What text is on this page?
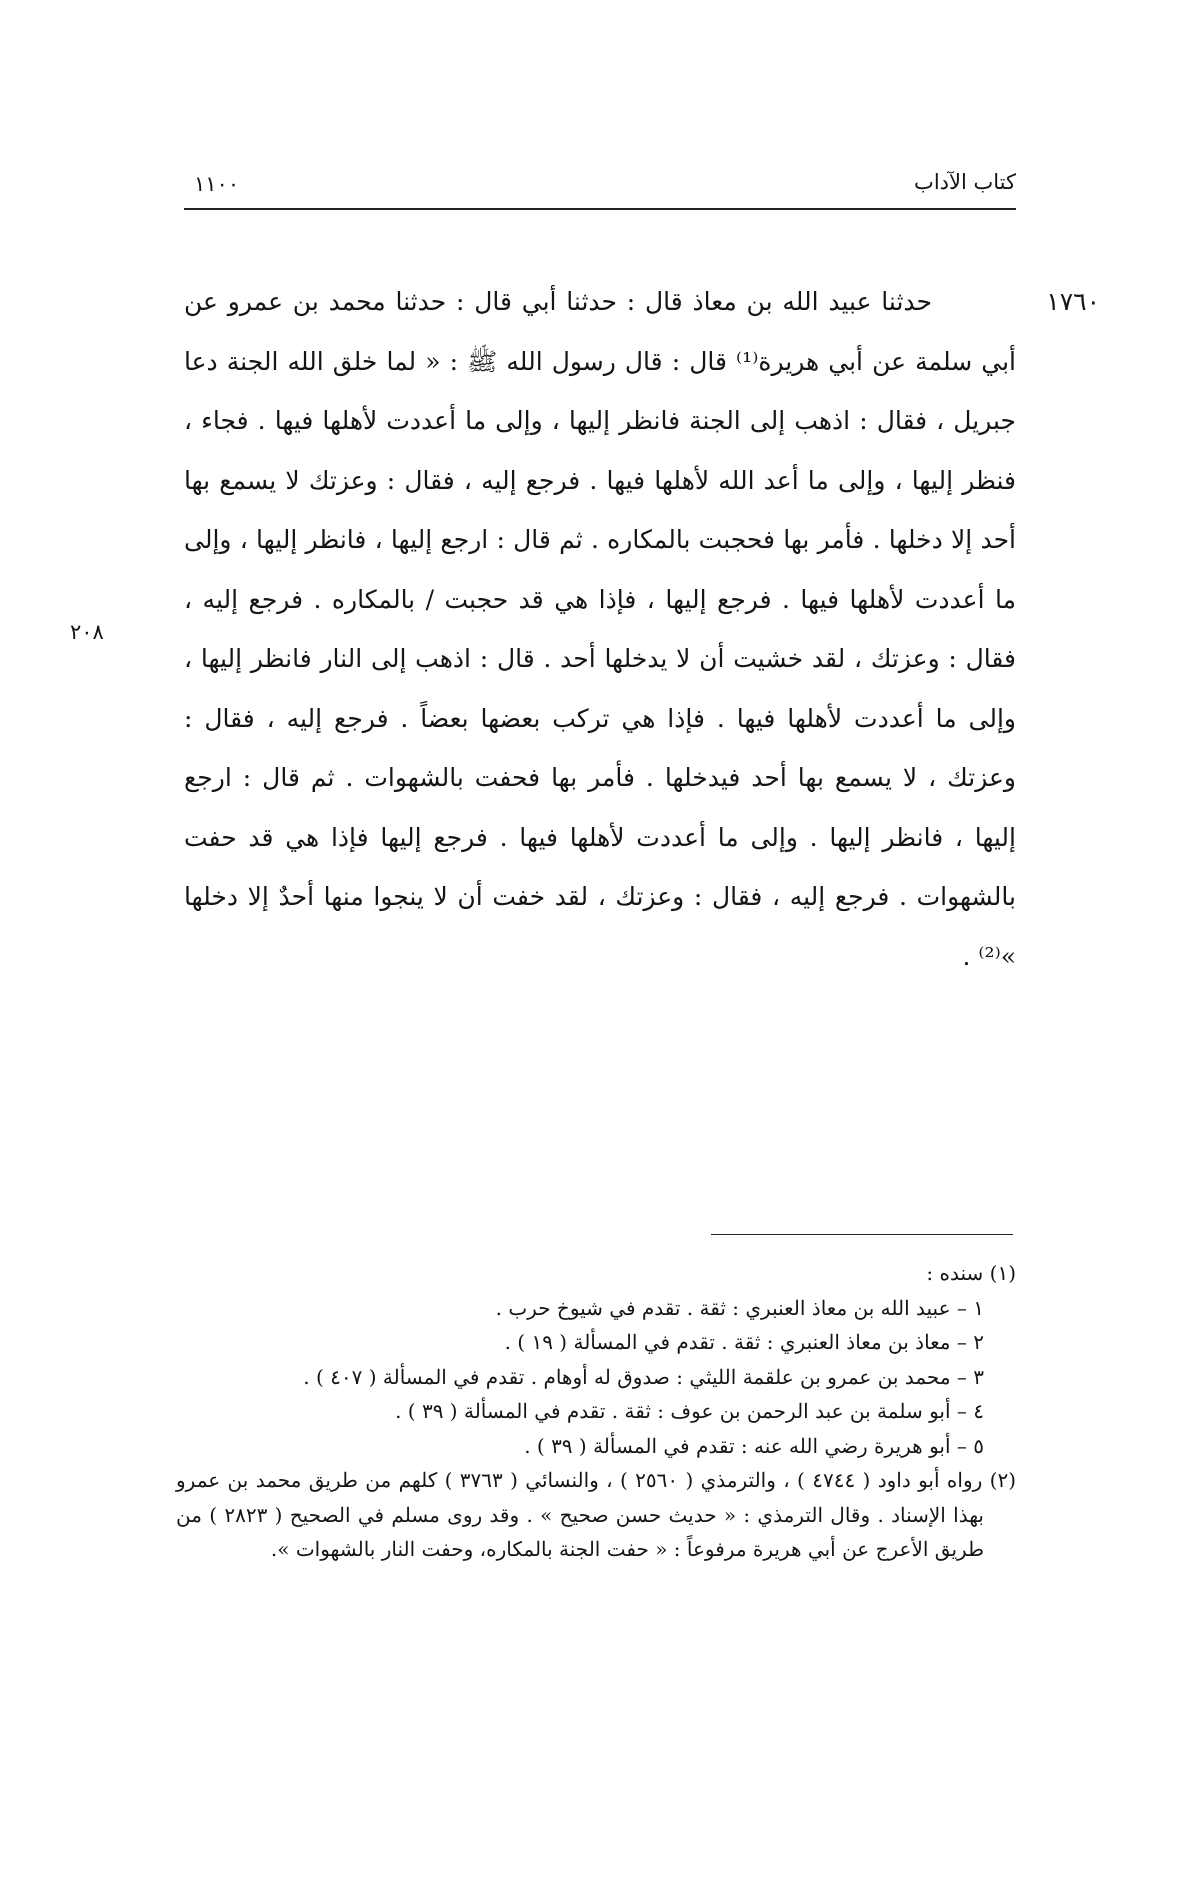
كتاب الآداب
١١٠٠
٢٠٨
١٧٦٠حدثنا عبيد الله بن معاذ قال : حدثنا أبي قال : حدثنا محمد بن عمرو عن أبي سلمة عن أبي هريرة⁽¹⁾ قال : قال رسول الله ﷺ : « لما خلق الله الجنة دعا جبريل ، فقال : اذهب إلى الجنة فانظر إليها ، وإلى ما أعددت لأهلها فيها . فجاء ، فنظر إليها ، وإلى ما أعد الله لأهلها فيها . فرجع إليه ، فقال : وعزتك لا يسمع بها أحد إلا دخلها . فأمر بها فحجبت بالمكاره . ثم قال : ارجع إليها ، فانظر إليها ، وإلى ما أعددت لأهلها فيها . فرجع إليها ، فإذا هي قد حجبت / بالمكاره . فرجع إليه ، فقال : وعزتك ، لقد خشيت أن لا يدخلها أحد . قال : اذهب إلى النار فانظر إليها ، وإلى ما أعددت لأهلها فيها . فإذا هي تركب بعضها بعضاً . فرجع إليه ، فقال : وعزتك ، لا يسمع بها أحد فيدخلها . فأمر بها فحفت بالشهوات . ثم قال : ارجع إليها ، فانظر إليها . وإلى ما أعددت لأهلها فيها . فرجع إليها فإذا هي قد حفت بالشهوات . فرجع إليه ، فقال : وعزتك ، لقد خفت أن لا ينجوا منها أحدٌ إلا دخلها »⁽²⁾ .
(١) سنده :
١ – عبيد الله بن معاذ العنبري : ثقة . تقدم في شيوخ حرب .
٢ – معاذ بن معاذ العنبري : ثقة . تقدم في المسألة ( ١٩ ) .
٣ – محمد بن عمرو بن علقمة الليثي : صدوق له أوهام . تقدم في المسألة ( ٤٠٧ ) .
٤ – أبو سلمة بن عبد الرحمن بن عوف : ثقة . تقدم في المسألة ( ٣٩ ) .
٥ – أبو هريرة رضي الله عنه : تقدم في المسألة ( ٣٩ ) .
(٢) رواه أبو داود ( ٤٧٤٤ ) ، والترمذي ( ٢٥٦٠ ) ، والنسائي ( ٣٧٦٣ ) كلهم من طريق محمد بن عمرو بهذا الإسناد . وقال الترمذي : « حديث حسن صحيح » . وقد روى مسلم في الصحيح ( ٢٨٢٣ ) من طريق الأعرج عن أبي هريرة مرفوعاً : « حفت الجنة بالمكاره، وحفت النار بالشهوات ».
